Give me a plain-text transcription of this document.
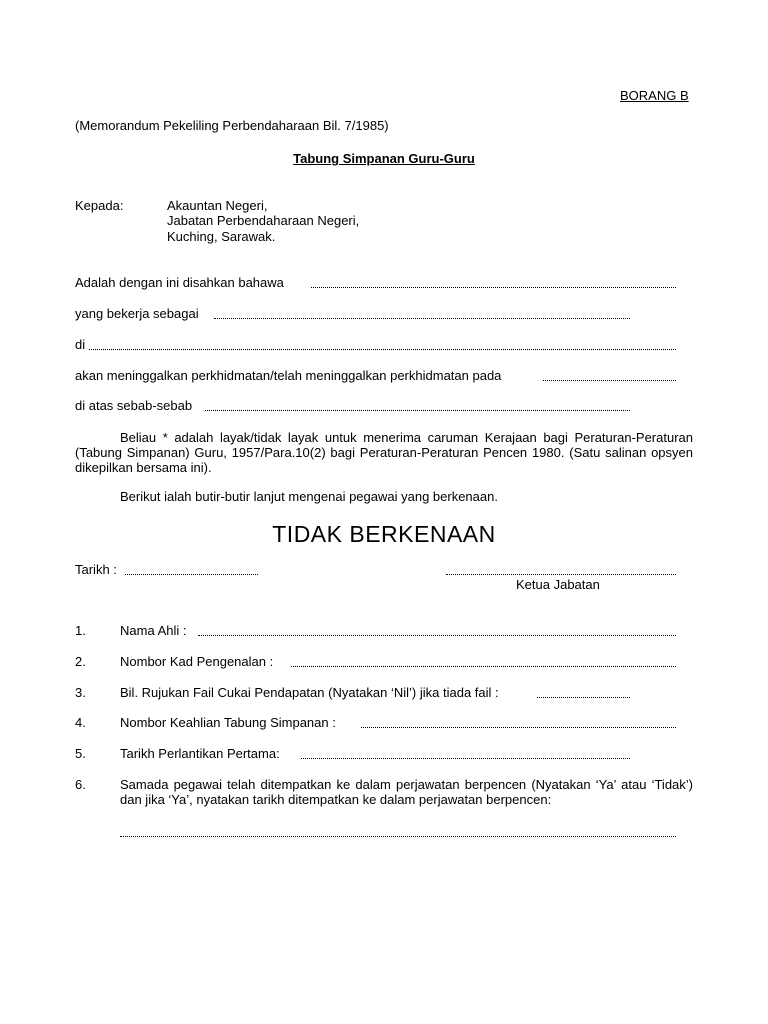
BORANG B
(Memorandum Pekeliling Perbendaharaan Bil. 7/1985)
Tabung Simpanan Guru-Guru
Kepada:	Akauntan Negeri,
Jabatan Perbendaharaan Negeri,
Kuching, Sarawak.
Adalah dengan ini disahkan bahawa
yang bekerja sebagai
di
akan meninggalkan perkhidmatan/telah meninggalkan perkhidmatan pada
di atas sebab-sebab
Beliau * adalah layak/tidak layak untuk menerima caruman Kerajaan bagi Peraturan-Peraturan (Tabung Simpanan) Guru, 1957/Para.10(2) bagi Peraturan-Peraturan Pencen 1980. (Satu salinan opsyen dikepilkan bersama ini).
Berikut ialah butir-butir lanjut mengenai pegawai yang berkenaan.
TIDAK BERKENAAN
Tarikh :
Ketua Jabatan
1.	Nama Ahli :
2.	Nombor Kad Pengenalan :
3.	Bil. Rujukan Fail Cukai Pendapatan (Nyatakan ‘Nil’) jika tiada fail :
4.	Nombor Keahlian Tabung Simpanan :
5.	Tarikh Perlantikan Pertama:
6.	Samada pegawai telah ditempatkan ke dalam perjawatan berpencen (Nyatakan ‘Ya’ atau ‘Tidak’) dan jika ‘Ya’, nyatakan tarikh ditempatkan ke dalam perjawatan berpencen:
